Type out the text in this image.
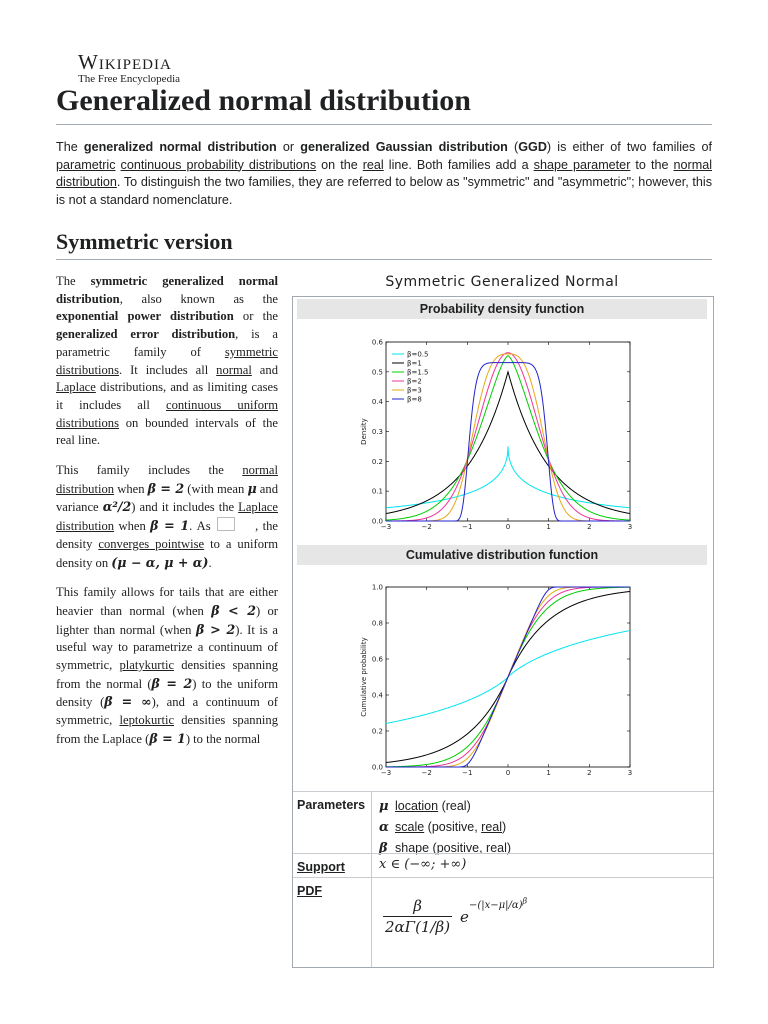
Wikipedia
The Free Encyclopedia
Generalized normal distribution
The generalized normal distribution or generalized Gaussian distribution (GGD) is either of two families of parametric continuous probability distributions on the real line. Both families add a shape parameter to the normal distribution. To distinguish the two families, they are referred to below as "symmetric" and "asymmetric"; however, this is not a standard nomenclature.
Symmetric version

The symmetric generalized normal distribution, also known as the exponential power distribution or the generalized error distribution, is a parametric family of symmetric distributions. It includes all normal and Laplace distributions, and as limiting cases it includes all continuous uniform distributions on bounded intervals of the real line.

This family includes the normal distribution when β = 2 (with mean μ and variance α²/2) and it includes the Laplace distribution when β = 1. As	, the density converges pointwise to a uniform density on (μ − α, μ + α).

This family allows for tails that are either heavier than normal (when β < 2) or lighter than normal (when β > 2). It is a useful way to parametrize a continuum of symmetric, platykurtic densities spanning from the normal (β = 2) to the uniform density (β = ∞), and a continuum of symmetric, leptokurtic densities spanning from the Laplace (β = 1) to the normal

Symmetric Generalized Normal
Probability density function
0.0
0.1
0.2
0.3
0.4
0.5
0.6
−3	−2	−1	0	1	2	3
Density
β=0.5
β=1
β=1.5
β=2
β=3
β=8
Cumulative distribution function
0.0
0.2
0.4
0.6
0.8
1.0
−3	−2	−1	0	1	2	3
Cumulative probability
Parameters μ location (real)
α scale (positive, real)
β shape (positive, real)
Support	x ∈ (−∞; +∞)
PDF
$\frac{\beta}{2\alpha\Gamma(1/\beta)} e^{-(|x-\mu|/\alpha)^\beta}$
